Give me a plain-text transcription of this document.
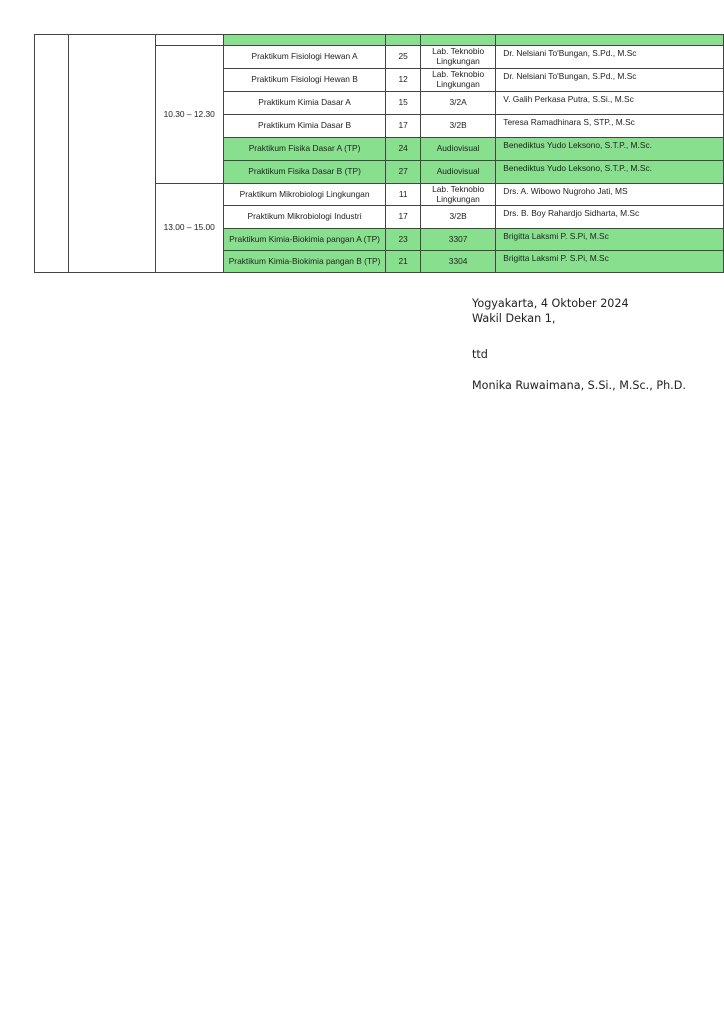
		10.30 – 12.30	Praktikum Fisiologi Hewan A	25	Lab. Teknobio Lingkungan	Dr. Nelsiani To'Bungan, S.Pd., M.Sc
			Praktikum Fisiologi Hewan B	12	Lab. Teknobio Lingkungan	Dr. Nelsiani To'Bungan, S.Pd., M.Sc
			Praktikum Kimia Dasar A	15	3/2A	V. Galih Perkasa Putra, S.Si., M.Sc
			Praktikum Kimia Dasar B	17	3/2B	Teresa Ramadhinara S, STP., M.Sc
			Praktikum Fisika Dasar A (TP)	24	Audiovisual	Benediktus Yudo Leksono, S.T.P., M.Sc.
			Praktikum Fisika Dasar B (TP)	27	Audiovisual	Benediktus Yudo Leksono, S.T.P., M.Sc.
		13.00 – 15.00	Praktikum Mikrobiologi Lingkungan	11	Lab. Teknobio Lingkungan	Drs. A. Wibowo Nugroho Jati, MS
			Praktikum Mikrobiologi Industri	17	3/2B	Drs. B. Boy Rahardjo Sidharta, M.Sc
			Praktikum Kimia-Biokimia pangan A (TP)	23	3307	Brigitta Laksmi P. S.Pi, M.Sc
			Praktikum Kimia-Biokimia pangan B (TP)	21	3304	Brigitta Laksmi P. S.Pi, M.Sc
Yogyakarta, 4 Oktober 2024
Wakil Dekan 1,
ttd
Monika Ruwaimana, S.Si., M.Sc., Ph.D.
